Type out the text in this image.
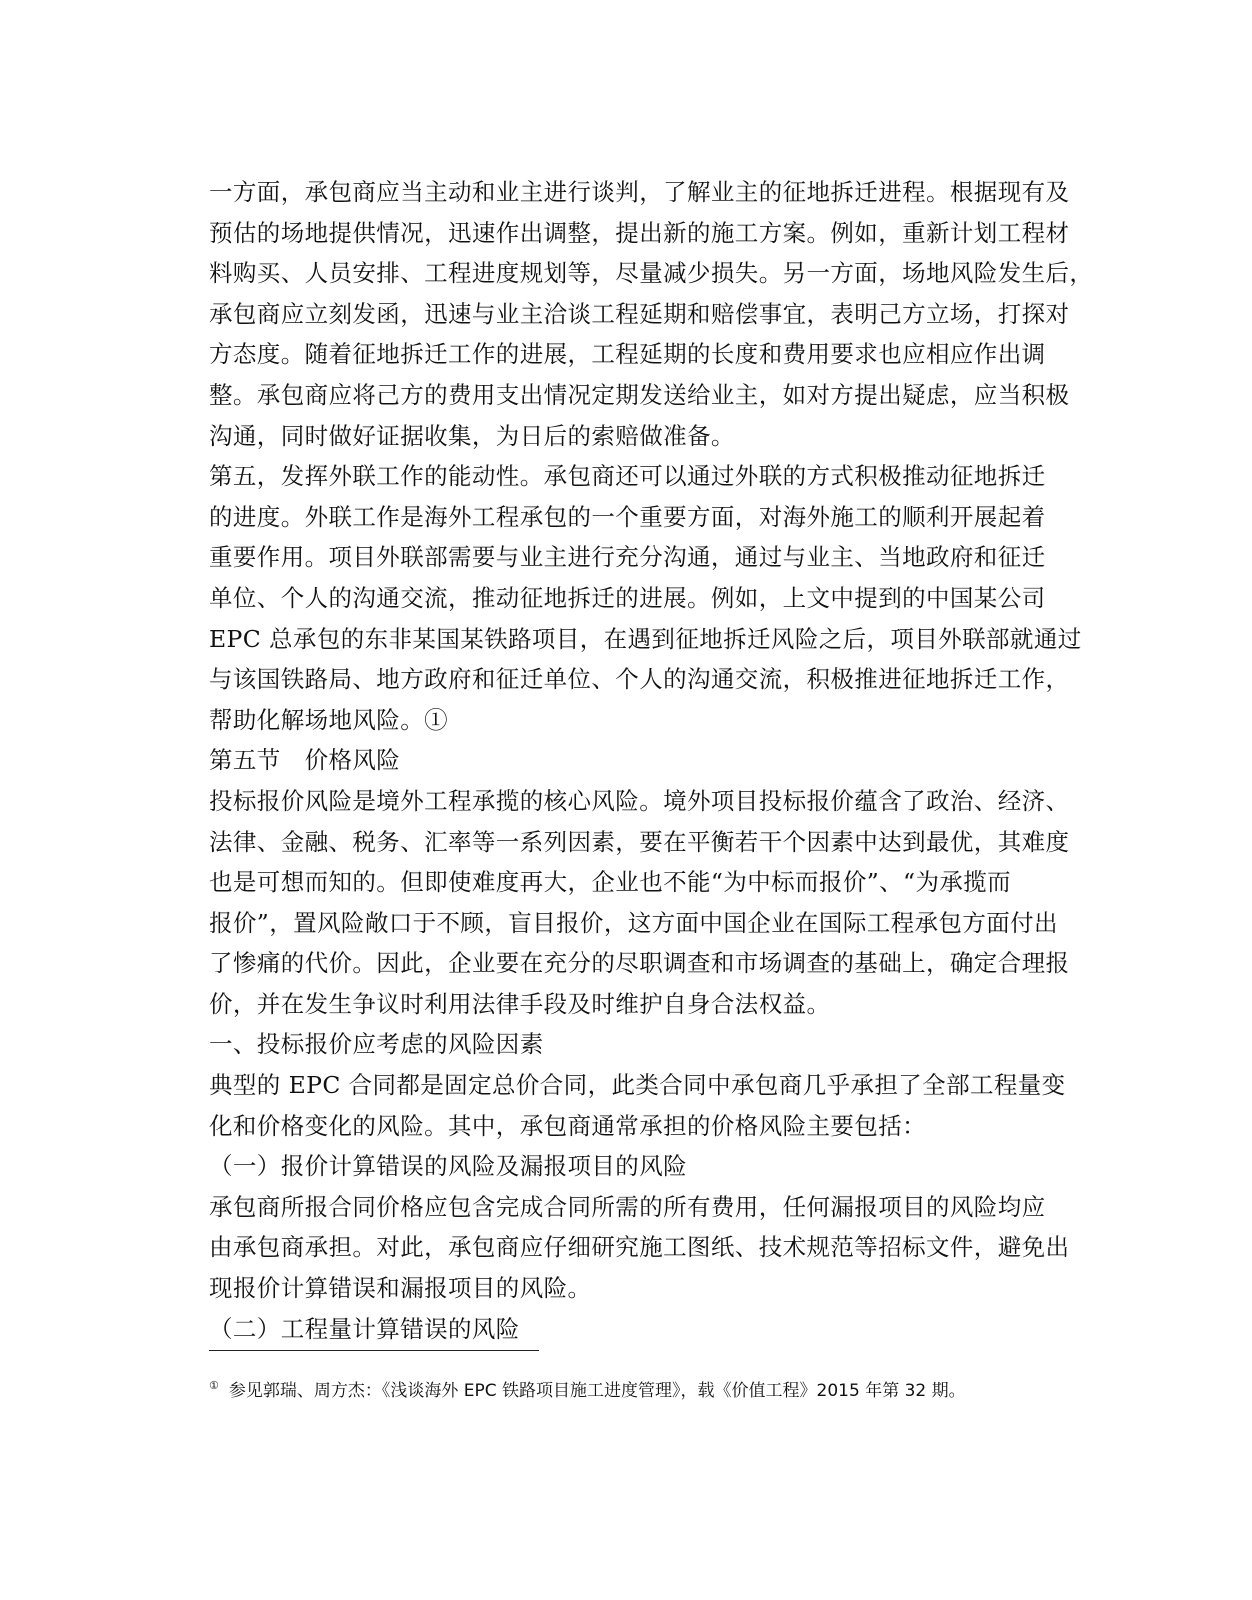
一方面，承包商应当主动和业主进行谈判，了解业主的征地拆迁进程。根据现有及
预估的场地提供情况，迅速作出调整，提出新的施工方案。例如，重新计划工程材
料购买、人员安排、工程进度规划等，尽量减少损失。另一方面，场地风险发生后，
承包商应立刻发函，迅速与业主洽谈工程延期和赔偿事宜，表明己方立场，打探对
方态度。随着征地拆迁工作的进展，工程延期的长度和费用要求也应相应作出调
整。承包商应将己方的费用支出情况定期发送给业主，如对方提出疑虑，应当积极
沟通，同时做好证据收集，为日后的索赔做准备。
第五，发挥外联工作的能动性。承包商还可以通过外联的方式积极推动征地拆迁
的进度。外联工作是海外工程承包的一个重要方面，对海外施工的顺利开展起着
重要作用。项目外联部需要与业主进行充分沟通，通过与业主、当地政府和征迁
单位、个人的沟通交流，推动征地拆迁的进展。例如，上文中提到的中国某公司
EPC 总承包的东非某国某铁路项目，在遇到征地拆迁风险之后，项目外联部就通过
与该国铁路局、地方政府和征迁单位、个人的沟通交流，积极推进征地拆迁工作，
帮助化解场地风险。①
第五节　价格风险
投标报价风险是境外工程承揽的核心风险。境外项目投标报价蕴含了政治、经济、
法律、金融、税务、汇率等一系列因素，要在平衡若干个因素中达到最优，其难度
也是可想而知的。但即使难度再大，企业也不能“为中标而报价”、“为承揽而
报价”，置风险敞口于不顾，盲目报价，这方面中国企业在国际工程承包方面付出
了惨痛的代价。因此，企业要在充分的尽职调查和市场调查的基础上，确定合理报
价，并在发生争议时利用法律手段及时维护自身合法权益。
一、投标报价应考虑的风险因素
典型的 EPC 合同都是固定总价合同，此类合同中承包商几乎承担了全部工程量变
化和价格变化的风险。其中，承包商通常承担的价格风险主要包括：
（一）报价计算错误的风险及漏报项目的风险
承包商所报合同价格应包含完成合同所需的所有费用，任何漏报项目的风险均应
由承包商承担。对此，承包商应仔细研究施工图纸、技术规范等招标文件，避免出
现报价计算错误和漏报项目的风险。
（二）工程量计算错误的风险
① 参见郭瑞、周方杰：《浅谈海外 EPC 铁路项目施工进度管理》，载《价值工程》2015 年第 32 期。
